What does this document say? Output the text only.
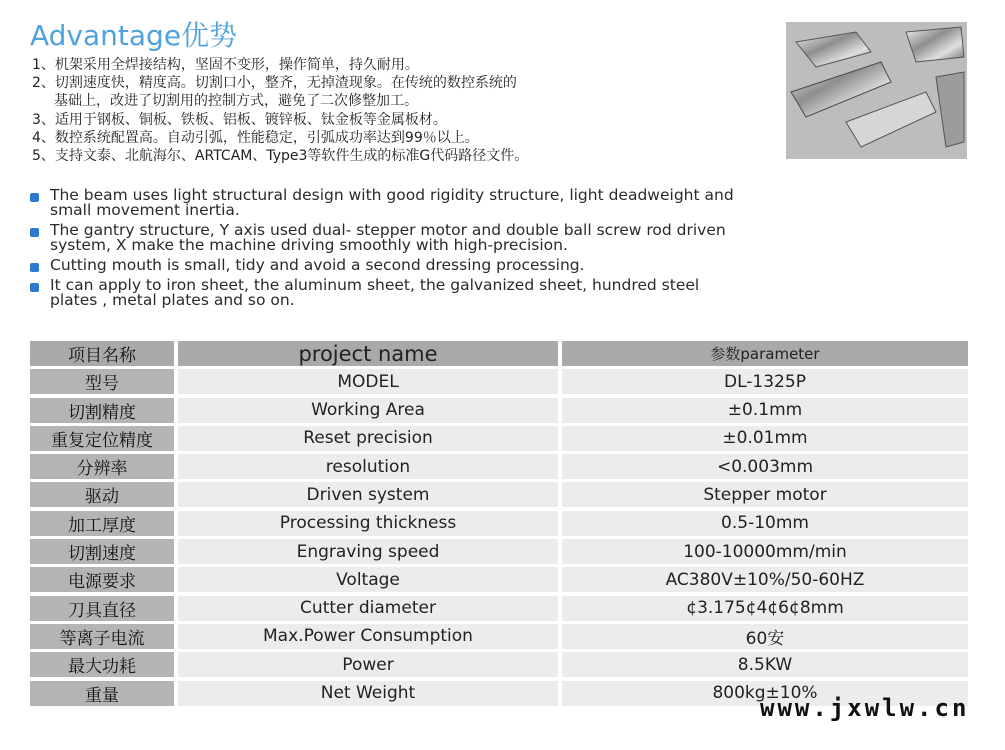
Advantage优势
1、机架采用全焊接结构，坚固不变形，操作简单，持久耐用。
2、切割速度快，精度高。切割口小，整齐，无掉渣现象。在传统的数控系统的
基础上，改进了切割用的控制方式，避免了二次修整加工。
3、适用于钢板、铜板、铁板、铝板、镀锌板、钛金板等金属板材。
4、数控系统配置高。自动引弧，性能稳定，引弧成功率达到99％以上。
5、支持文泰、北航海尔、ARTCAM、Type3等软件生成的标准G代码路径文件。
The beam uses light structural design with good rigidity structure, light deadweight and
small movement inertia.
The gantry structure, Y axis used dual- stepper motor and double ball screw rod driven
system, X make the machine driving smoothly with high-precision.
Cutting mouth is small, tidy and avoid a second dressing processing.
It can apply to iron sheet, the aluminum sheet, the galvanized sheet, hundred steel
plates , metal plates and so on.
项目名称	project name	参数parameter
型号	MODEL	DL-1325P
切割精度	Working Area	±0.1mm
重复定位精度	Reset precision	±0.01mm
分辨率	resolution	<0.003mm
驱动	Driven system	Stepper motor
加工厚度	Processing thickness	0.5-10mm
切割速度	Engraving speed	100-10000mm/min
电源要求	Voltage	AC380V±10%/50-60HZ
刀具直径	Cutter diameter	¢3.175¢4¢6¢8mm
等离子电流	Max.Power Consumption	60安
最大功耗	Power	8.5KW
重量	Net Weight	800kg±10%
www.jxwlw.cn
